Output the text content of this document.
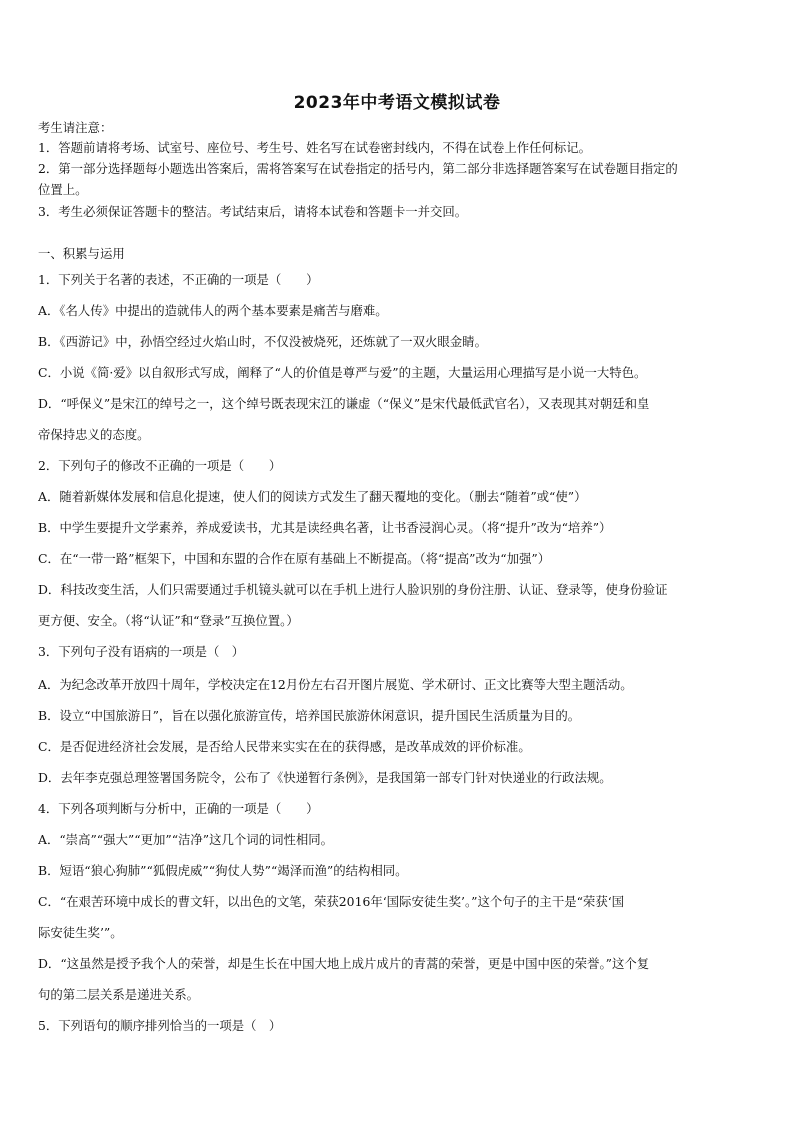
2023年中考语文模拟试卷
考生请注意：
1．答题前请将考场、试室号、座位号、考生号、姓名写在试卷密封线内，不得在试卷上作任何标记。
2．第一部分选择题每小题选出答案后，需将答案写在试卷指定的括号内，第二部分非选择题答案写在试卷题目指定的
位置上。
3．考生必须保证答题卡的整洁。考试结束后，请将本试卷和答题卡一并交回。
一、积累与运用
1．下列关于名著的表述，不正确的一项是（　　）
A．《名人传》中提出的造就伟人的两个基本要素是痛苦与磨难。
B．《西游记》中，孙悟空经过火焰山时，不仅没被烧死，还炼就了一双火眼金睛。
C．小说《简·爱》以自叙形式写成，阐释了“人的价值是尊严与爱”的主题，大量运用心理描写是小说一大特色。
D．“呼保义”是宋江的绰号之一，这个绰号既表现宋江的谦虚（“保义”是宋代最低武官名），又表现其对朝廷和皇
帝保持忠义的态度。
2．下列句子的修改不正确的一项是（　　）
A．随着新媒体发展和信息化提速，使人们的阅读方式发生了翻天覆地的变化。（删去“随着”或“使”）
B．中学生要提升文学素养，养成爱读书，尤其是读经典名著，让书香浸润心灵。（将“提升”改为“培养”）
C．在“一带一路”框架下，中国和东盟的合作在原有基础上不断提高。（将“提高”改为“加强”）
D．科技改变生活，人们只需要通过手机镜头就可以在手机上进行人脸识别的身份注册、认证、登录等，使身份验证
更方便、安全。（将“认证”和“登录”互换位置。）
3．下列句子没有语病的一项是（　）
A．为纪念改革开放四十周年，学校决定在12月份左右召开图片展览、学术研讨、正文比赛等大型主题活动。
B．设立“中国旅游日”，旨在以强化旅游宣传，培养国民旅游休闲意识，提升国民生活质量为目的。
C．是否促进经济社会发展，是否给人民带来实实在在的获得感，是改革成效的评价标准。
D．去年李克强总理签署国务院令，公布了《快递暂行条例》，是我国第一部专门针对快递业的行政法规。
4．下列各项判断与分析中，正确的一项是（　　）
A．“崇高”“强大”“更加”“洁净”这几个词的词性相同。
B．短语“狼心狗肺”“狐假虎威”“狗仗人势”“竭泽而渔”的结构相同。
C．“在艰苦环境中成长的曹文轩，以出色的文笔，荣获2016年‘国际安徒生奖’。”这个句子的主干是“荣获‘国
际安徒生奖’”。
D．“这虽然是授予我个人的荣誉，却是生长在中国大地上成片成片的青蒿的荣誉，更是中国中医的荣誉。”这个复
句的第二层关系是递进关系。
5．下列语句的顺序排列恰当的一项是（　）
